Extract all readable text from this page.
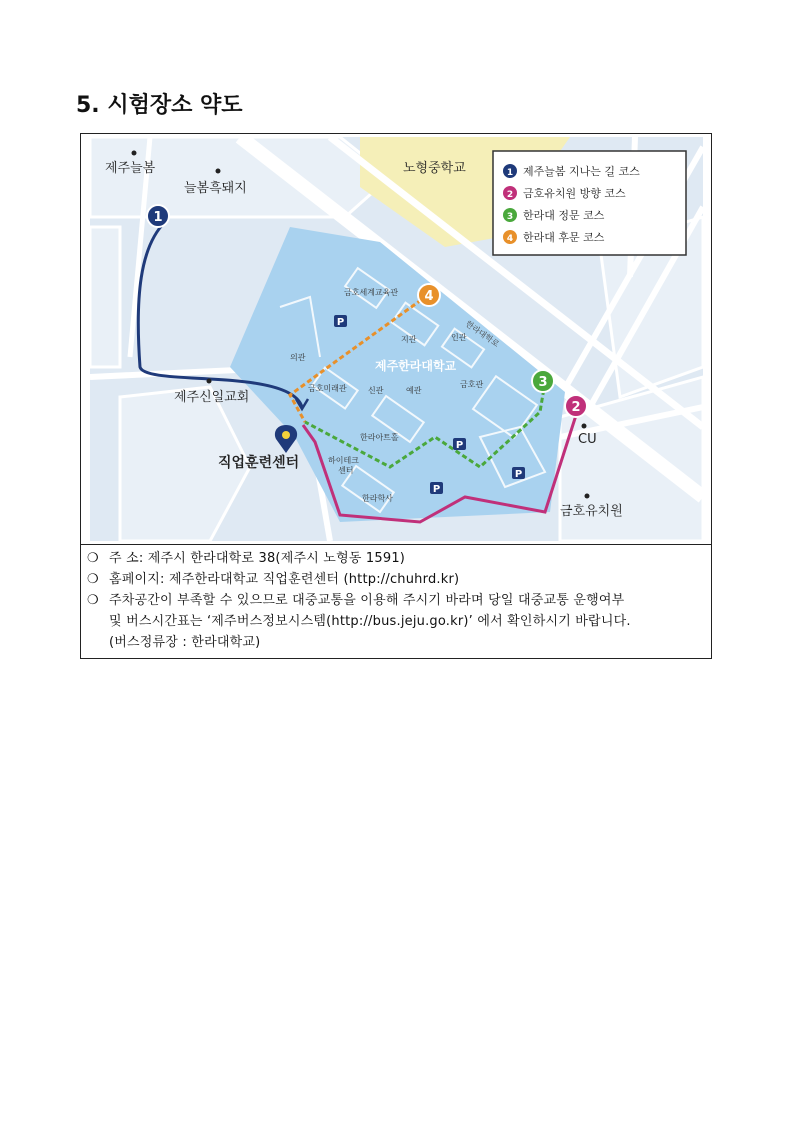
5. 시험장소 약도
1
2
3
4
제주늘봄
늘봄흑돼지
노형중학교
제주신일교회
직업훈련센터
CU
금호유치원
제주한라대학교
한라대학로
금호세계교육관
지관	인관
의관
금호미래관	신관	예관
금호관
한라아트홀
하이테크
센터
한라학사
P
P
P
P
1 제주늘봄 지나는 길 코스
2 금호유치원 방향 코스
3 한라대 정문 코스
4 한라대 후문 코스
❍ 주 소: 제주시 한라대학로 38(제주시 노형동 1591)
❍ 홈페이지: 제주한라대학교 직업훈련센터 (http://chuhrd.kr)
❍ 주차공간이 부족할 수 있으므로 대중교통을 이용해 주시기 바라며 당일 대중교통 운행여부
및 버스시간표는 ‘제주버스정보시스템(http://bus.jeju.go.kr)’ 에서 확인하시기 바랍니다.
(버스정류장 : 한라대학교)
